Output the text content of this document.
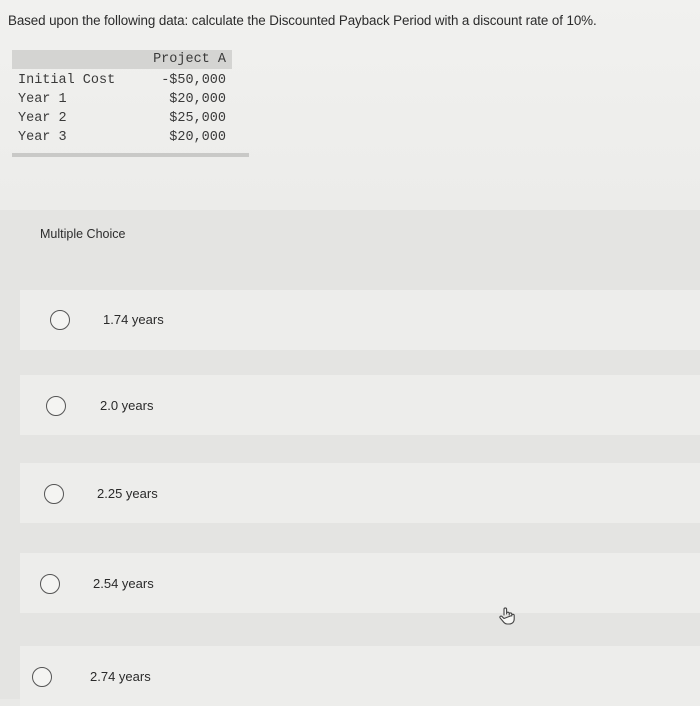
Based upon the following data: calculate the Discounted Payback Period with a discount rate of 10%.
	Project A
Initial Cost	-$50,000
Year 1	$20,000
Year 2	$25,000
Year 3	$20,000
Multiple Choice
1.74 years
2.0 years
2.25 years
2.54 years
2.74 years
